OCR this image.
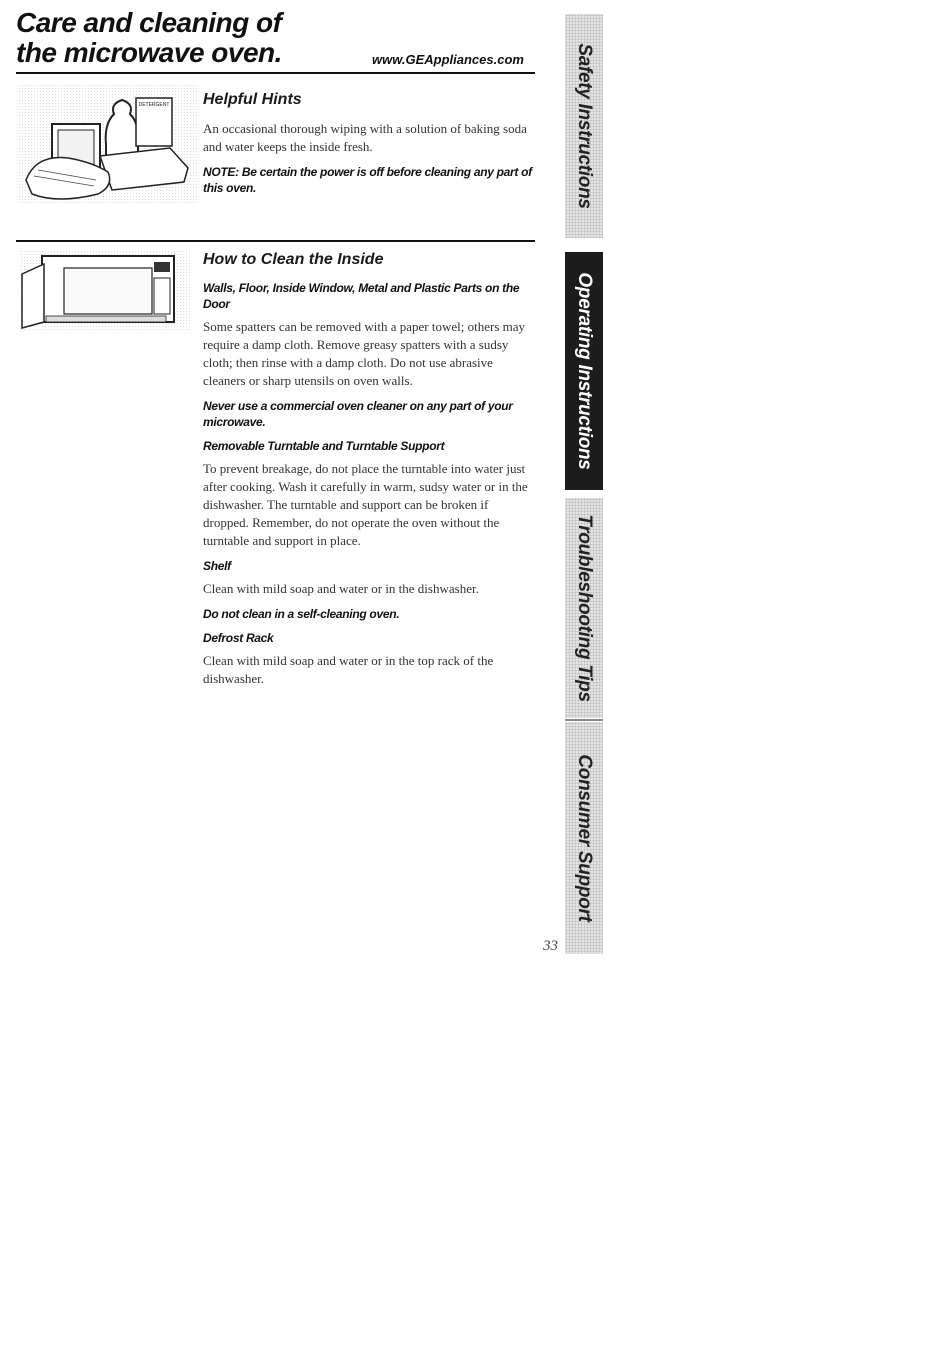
Care and cleaning of
the microwave oven.	www.GEAppliances.com
DETERGENT Helpful Hints

An occasional thorough wiping with a solution of baking soda and water keeps the inside fresh.

NOTE: Be certain the power is off before cleaning any part of this oven.

How to Clean the Inside
Walls, Floor, Inside Window, Metal and Plastic Parts on the Door

Some spatters can be removed with a paper towel; others may require a damp cloth. Remove greasy spatters with a sudsy cloth; then rinse with a damp cloth. Do not use abrasive cleaners or sharp utensils on oven walls.

Never use a commercial oven cleaner on any part of your microwave.

Removable Turntable and Turntable Support

To prevent breakage, do not place the turntable into water just after cooking. Wash it carefully in warm, sudsy water or in the dishwasher. The turntable and support can be broken if dropped. Remember, do not operate the oven without the turntable and support in place.

Shelf

Clean with mild soap and water or in the dishwasher.

Do not clean in a self-cleaning oven.

Defrost Rack

Clean with mild soap and water or in the top rack of the dishwasher.

Safety Instructions
Operating Instructions
Troubleshooting Tips
Consumer Support
33
